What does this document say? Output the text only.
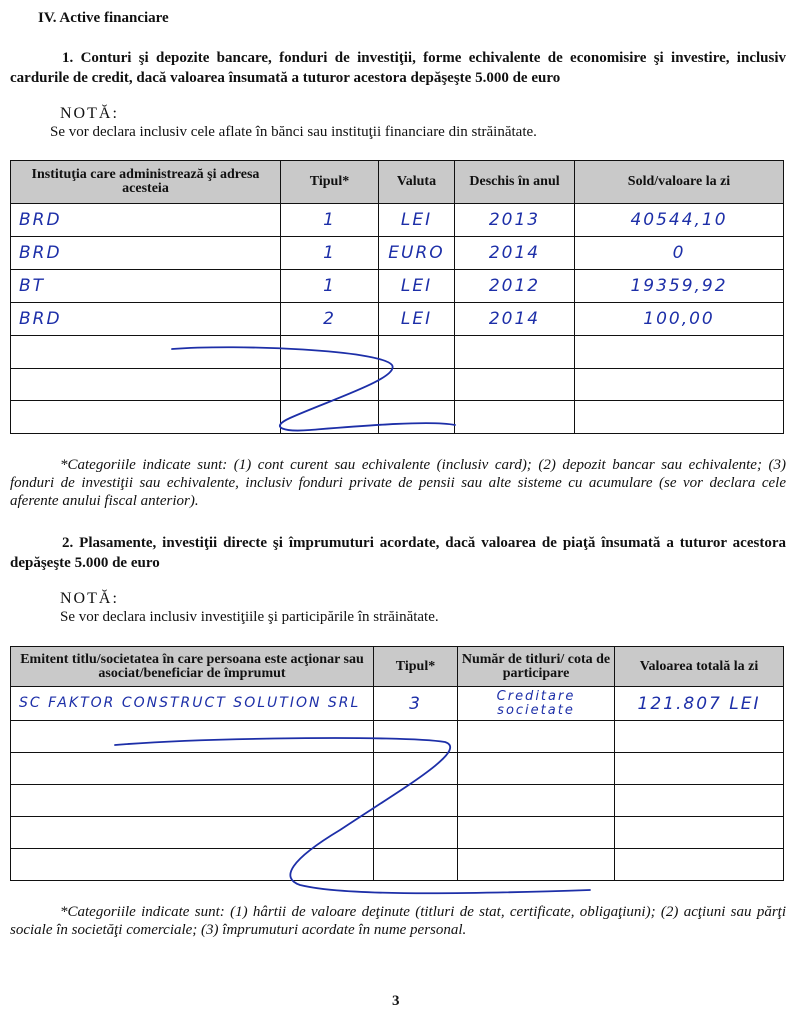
IV. Active financiare
1. Conturi şi depozite bancare, fonduri de investiţii, forme echivalente de economisire şi investire, inclusiv cardurile de credit, dacă valoarea însumată a tuturor acestora depăşeşte 5.000 de euro
NOTĂ:
Se vor declara inclusiv cele aflate în bănci sau instituţii financiare din străinătate.
Instituţia care administrează şi adresa acesteia	Tipul*	Valuta	Deschis în anul	Sold/valoare la zi
BRD	1	LEI	2013	40544,10
BRD	1	EURO	2014	0
BT	1	LEI	2012	19359,92
BRD	2	LEI	2014	100,00

*Categoriile indicate sunt: (1) cont curent sau echivalente (inclusiv card); (2) depozit bancar sau echivalente; (3) fonduri de investiţii sau echivalente, inclusiv fonduri private de pensii sau alte sisteme cu acumulare (se vor declara cele aferente anului fiscal anterior).
2. Plasamente, investiţii directe şi împrumuturi acordate, dacă valoarea de piaţă însumată a tuturor acestora depăşeşte 5.000 de euro
NOTĂ:
Se vor declara inclusiv investiţiile şi participările în străinătate.
Emitent titlu/societatea în care persoana este acţionar sau asociat/beneficiar de împrumut	Tipul*	Număr de titluri/ cota de participare	Valoarea totală la zi
SC FAKTOR CONSTRUCT SOLUTION SRL	3	Creditare societate	121.807 LEI

*Categoriile indicate sunt: (1) hârtii de valoare deţinute (titluri de stat, certificate, obligaţiuni); (2) acţiuni sau părţi sociale în societăţi comerciale; (3) împrumuturi acordate în nume personal.
3
